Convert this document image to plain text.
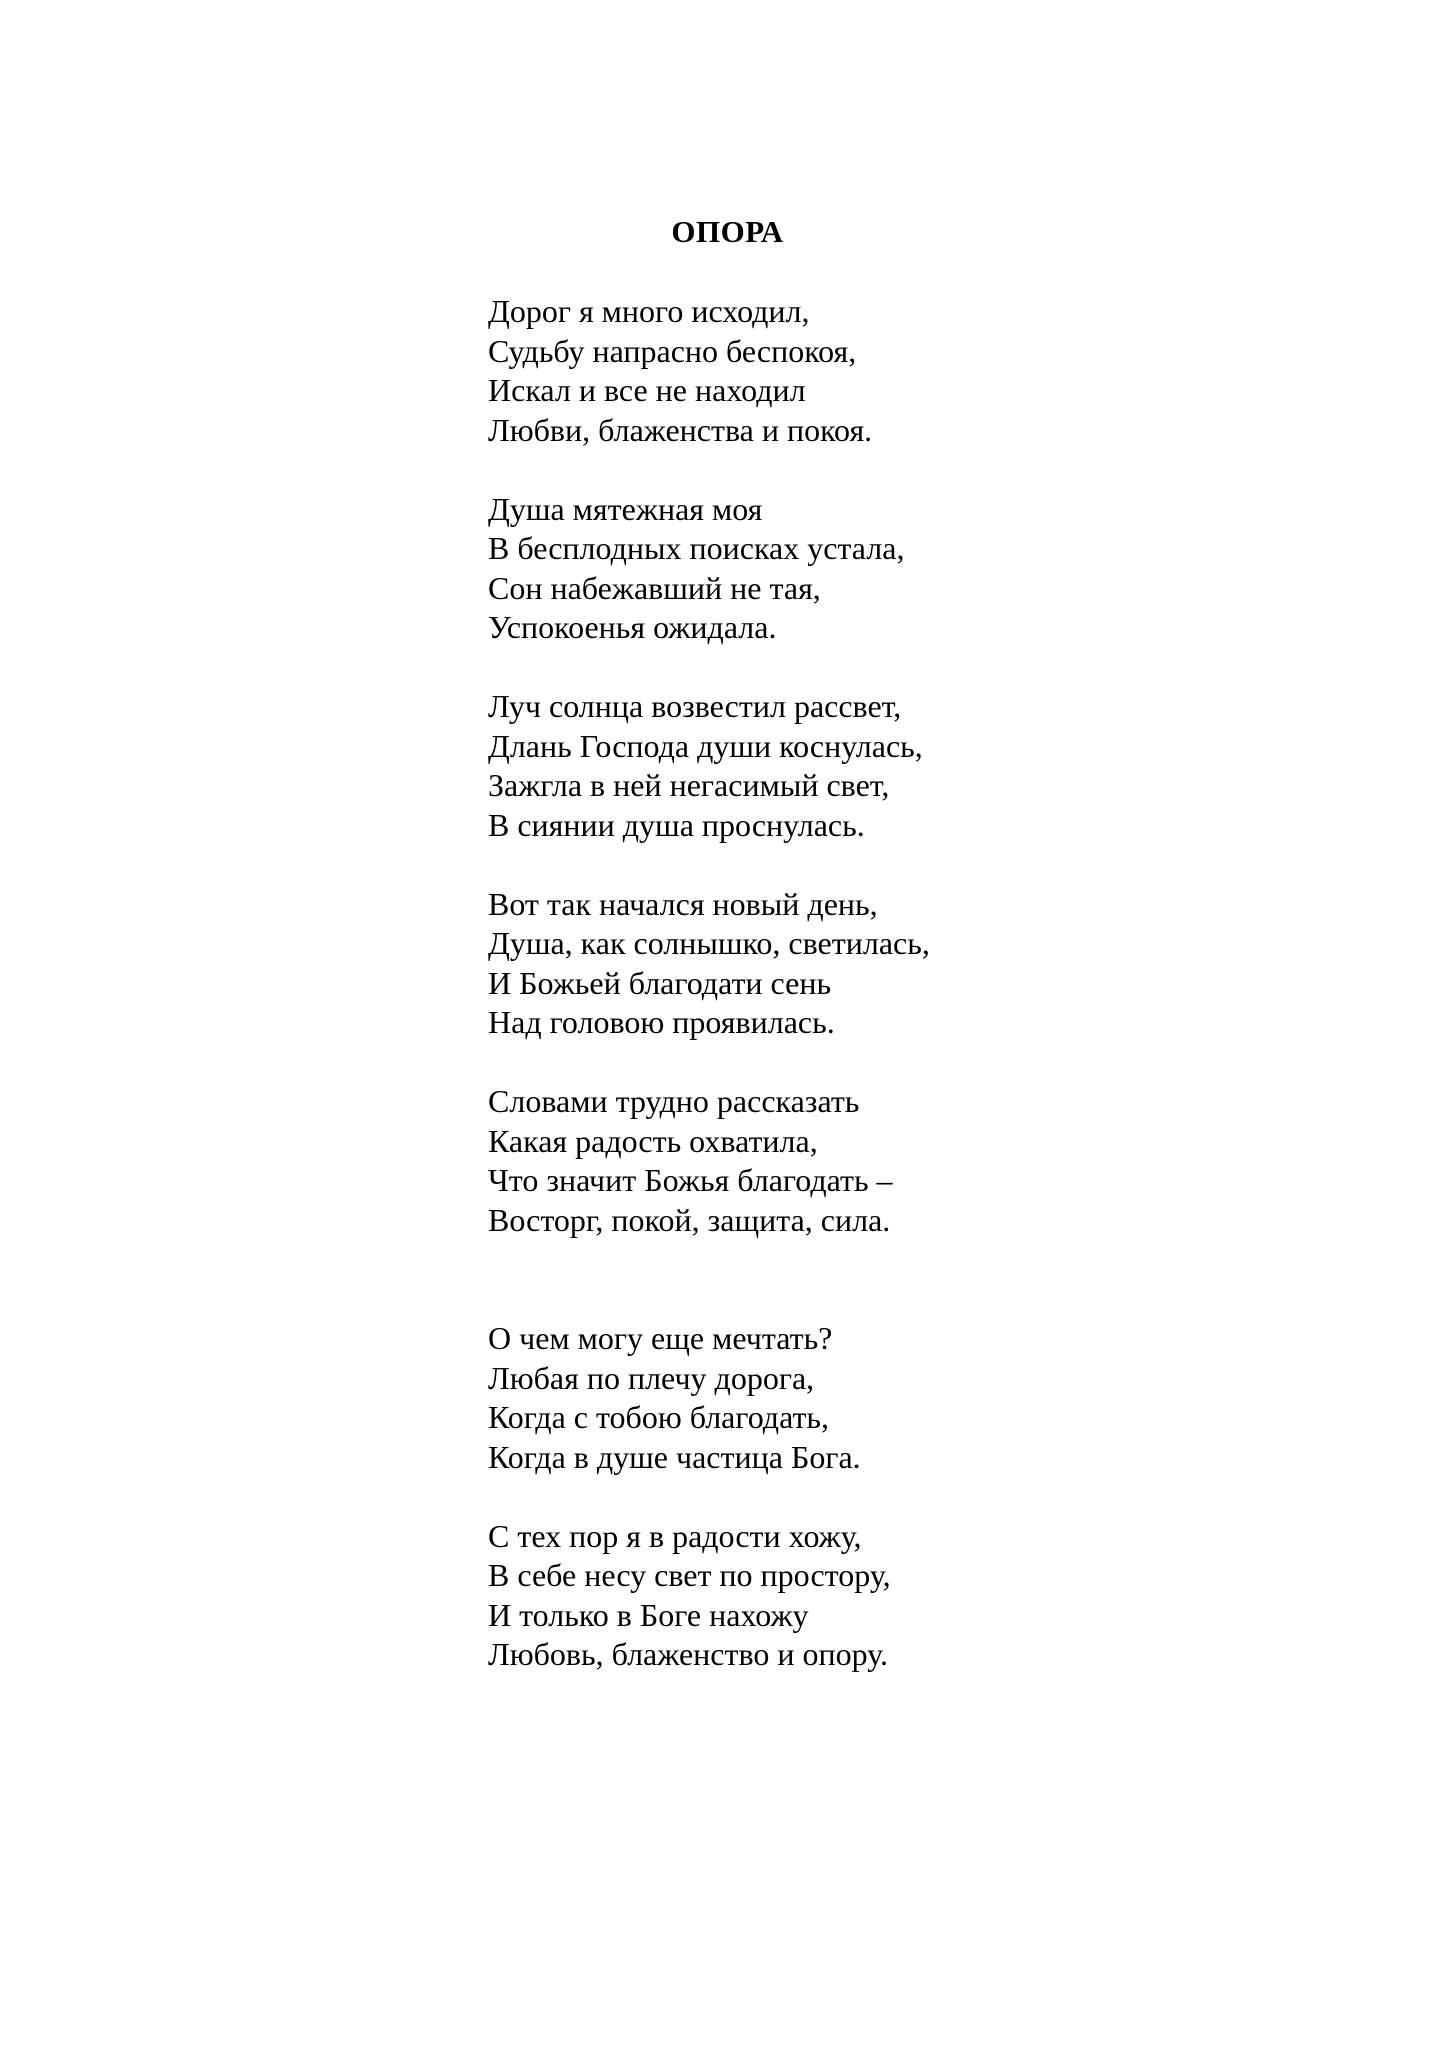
ОПОРА
Дорог я много исходил,
Судьбу напрасно беспокоя,
Искал и все не находил
Любви, блаженства и покоя.
Душа мятежная моя
В бесплодных поисках устала,
Сон набежавший не тая,
Успокоенья ожидала.
Луч солнца возвестил рассвет,
Длань Господа души коснулась,
Зажгла в ней негасимый свет,
В сиянии душа проснулась.
Вот так начался новый день,
Душа, как солнышко, светилась,
И Божьей благодати сень
Над головою проявилась.
Словами трудно рассказать
Какая радость охватила,
Что значит Божья благодать –
Восторг, покой, защита, сила.
О чем могу еще мечтать?
Любая по плечу дорога,
Когда с тобою благодать,
Когда в душе частица Бога.
С тех пор я в радости хожу,
В себе несу свет по простору,
И только в Боге нахожу
Любовь, блаженство и опору.
